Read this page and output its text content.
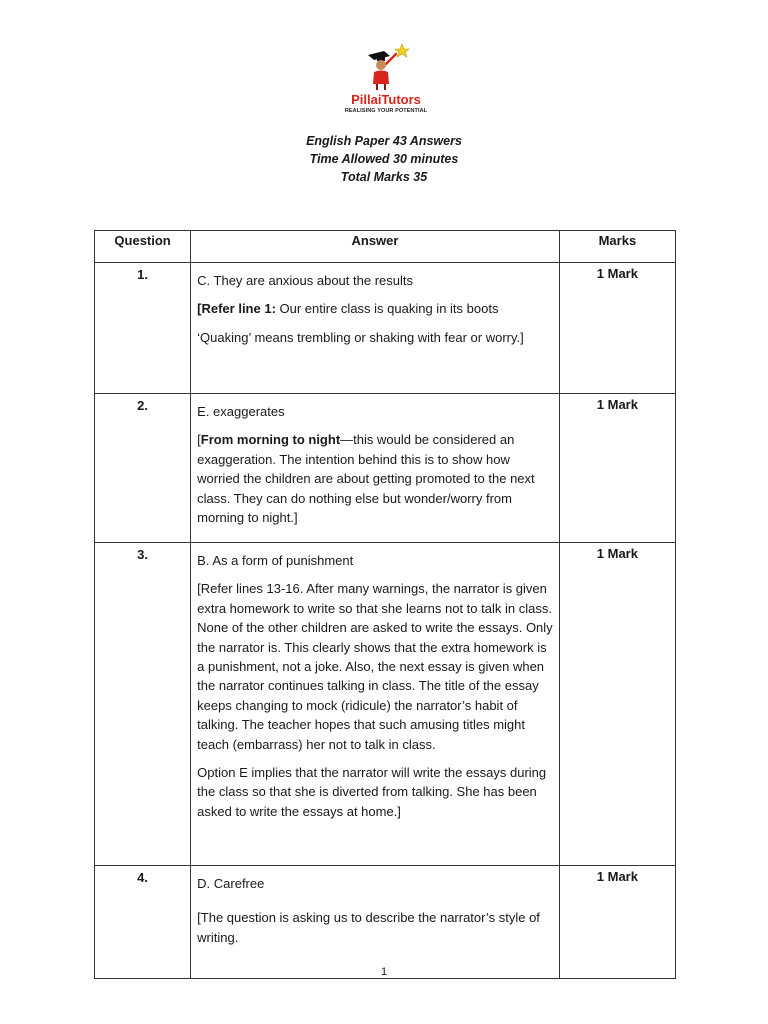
PillaiTutors
REALISING YOUR POTENTIAL
English Paper 43 Answers
Time Allowed 30 minutes
Total Marks 35
Question	Answer	Marks
1.	C. They are anxious about the results

[Refer line 1: Our entire class is quaking in its boots

‘Quaking’ means trembling or shaking with fear or worry.]	1 Mark
2.	E. exaggerates

[From morning to night—this would be considered an exaggeration. The intention behind this is to show how worried the children are about getting promoted to the next class. They can do nothing else but wonder/worry from morning to night.]	1 Mark
3.	B. As a form of punishment

[Refer lines 13-16. After many warnings, the narrator is given extra homework to write so that she learns not to talk in class. None of the other children are asked to write the essays. Only the narrator is. This clearly shows that the extra homework is a punishment, not a joke. Also, the next essay is given when the narrator continues talking in class. The title of the essay keeps changing to mock (ridicule) the narrator’s habit of talking. The teacher hopes that such amusing titles might teach (embarrass) her not to talk in class.

Option E implies that the narrator will write the essays during the class so that she is diverted from talking. She has been asked to write the essays at home.]	1 Mark
4.	D. Carefree

[The question is asking us to describe the narrator’s style of writing.	1 Mark
1
